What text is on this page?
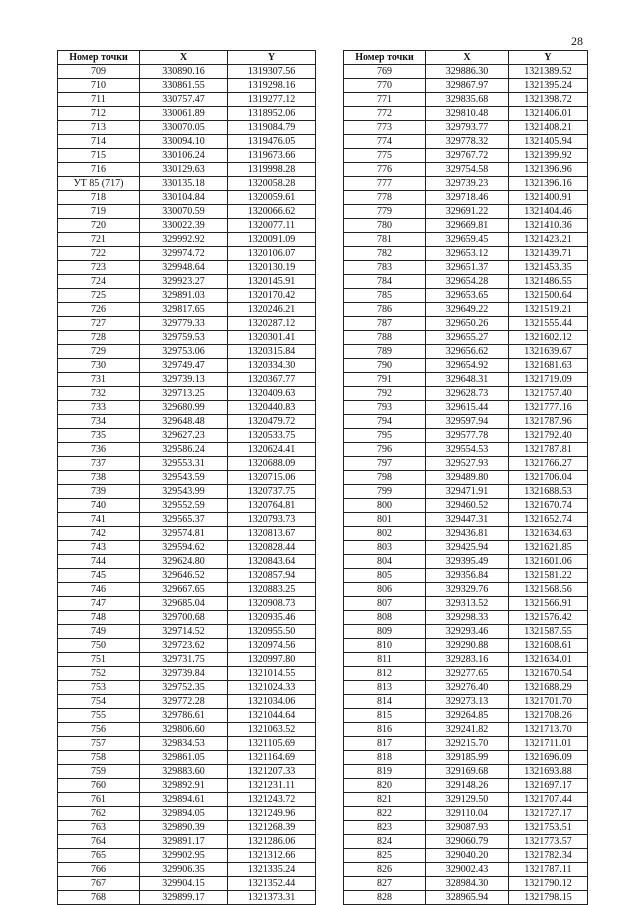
28
Номер точки	X	Y
709	330890.16	1319307.56
710	330861.55	1319298.16
711	330757.47	1319277.12
712	330061.89	1318952.06
713	330070.05	1319084.79
714	330094.10	1319476.05
715	330106.24	1319673.66
716	330129.63	1319998.28
УТ 85 (717)	330135.18	1320058.28
718	330104.84	1320059.61
719	330070.59	1320066.62
720	330022.39	1320077.11
721	329992.92	1320091.09
722	329974.72	1320106.07
723	329948.64	1320130.19
724	329923.27	1320145.91
725	329891.03	1320170.42
726	329817.65	1320246.21
727	329779.33	1320287.12
728	329759.53	1320301.41
729	329753.06	1320315.84
730	329749.47	1320334.30
731	329739.13	1320367.77
732	329713.25	1320409.63
733	329680.99	1320440.83
734	329648.48	1320479.72
735	329627.23	1320533.75
736	329586.24	1320624.41
737	329553.31	1320688.09
738	329543.59	1320715.06
739	329543.99	1320737.75
740	329552.59	1320764.81
741	329565.37	1320793.73
742	329574.81	1320813.67
743	329594.62	1320828.44
744	329624.80	1320843.64
745	329646.52	1320857.94
746	329667.65	1320883.25
747	329685.04	1320908.73
748	329700.68	1320935.46
749	329714.52	1320955.50
750	329723.62	1320974.56
751	329731.75	1320997.80
752	329739.84	1321014.55
753	329752.35	1321024.33
754	329772.28	1321034.06
755	329786.61	1321044.64
756	329806.60	1321063.52
757	329834.53	1321105.69
758	329861.05	1321164.69
759	329883.60	1321207.33
760	329892.91	1321231.11
761	329894.61	1321243.72
762	329894.05	1321249.96
763	329890.39	1321268.39
764	329891.17	1321286.06
765	329902.95	1321312.66
766	329906.35	1321335.24
767	329904.15	1321352.44
768	329899.17	1321373.31
Номер точки	X	Y
769	329886.30	1321389.52
770	329867.97	1321395.24
771	329835.68	1321398.72
772	329810.48	1321406.01
773	329793.77	1321408.21
774	329778.32	1321405.94
775	329767.72	1321399.92
776	329754.58	1321396.96
777	329739.23	1321396.16
778	329718.46	1321400.91
779	329691.22	1321404.46
780	329669.81	1321410.36
781	329659.45	1321423.21
782	329653.12	1321439.71
783	329651.37	1321453.35
784	329654.28	1321486.55
785	329653.65	1321500.64
786	329649.22	1321519.21
787	329650.26	1321555.44
788	329655.27	1321602.12
789	329656.62	1321639.67
790	329654.92	1321681.63
791	329648.31	1321719.09
792	329628.73	1321757.40
793	329615.44	1321777.16
794	329597.94	1321787.96
795	329577.78	1321792.40
796	329554.53	1321787.81
797	329527.93	1321766.27
798	329489.80	1321706.04
799	329471.91	1321688.53
800	329460.52	1321670.74
801	329447.31	1321652.74
802	329436.81	1321634.63
803	329425.94	1321621.85
804	329395.49	1321601.06
805	329356.84	1321581.22
806	329329.76	1321568.56
807	329313.52	1321566.91
808	329298.33	1321576.42
809	329293.46	1321587.55
810	329290.88	1321608.61
811	329283.16	1321634.01
812	329277.65	1321670.54
813	329276.40	1321688.29
814	329273.13	1321701.70
815	329264.85	1321708.26
816	329241.82	1321713.70
817	329215.70	1321711.01
818	329185.99	1321696.09
819	329169.68	1321693.88
820	329148.26	1321697.17
821	329129.50	1321707.44
822	329110.04	1321727.17
823	329087.93	1321753.51
824	329060.79	1321773.57
825	329040.20	1321782.34
826	329002.43	1321787.11
827	328984.30	1321790.12
828	328965.94	1321798.15
